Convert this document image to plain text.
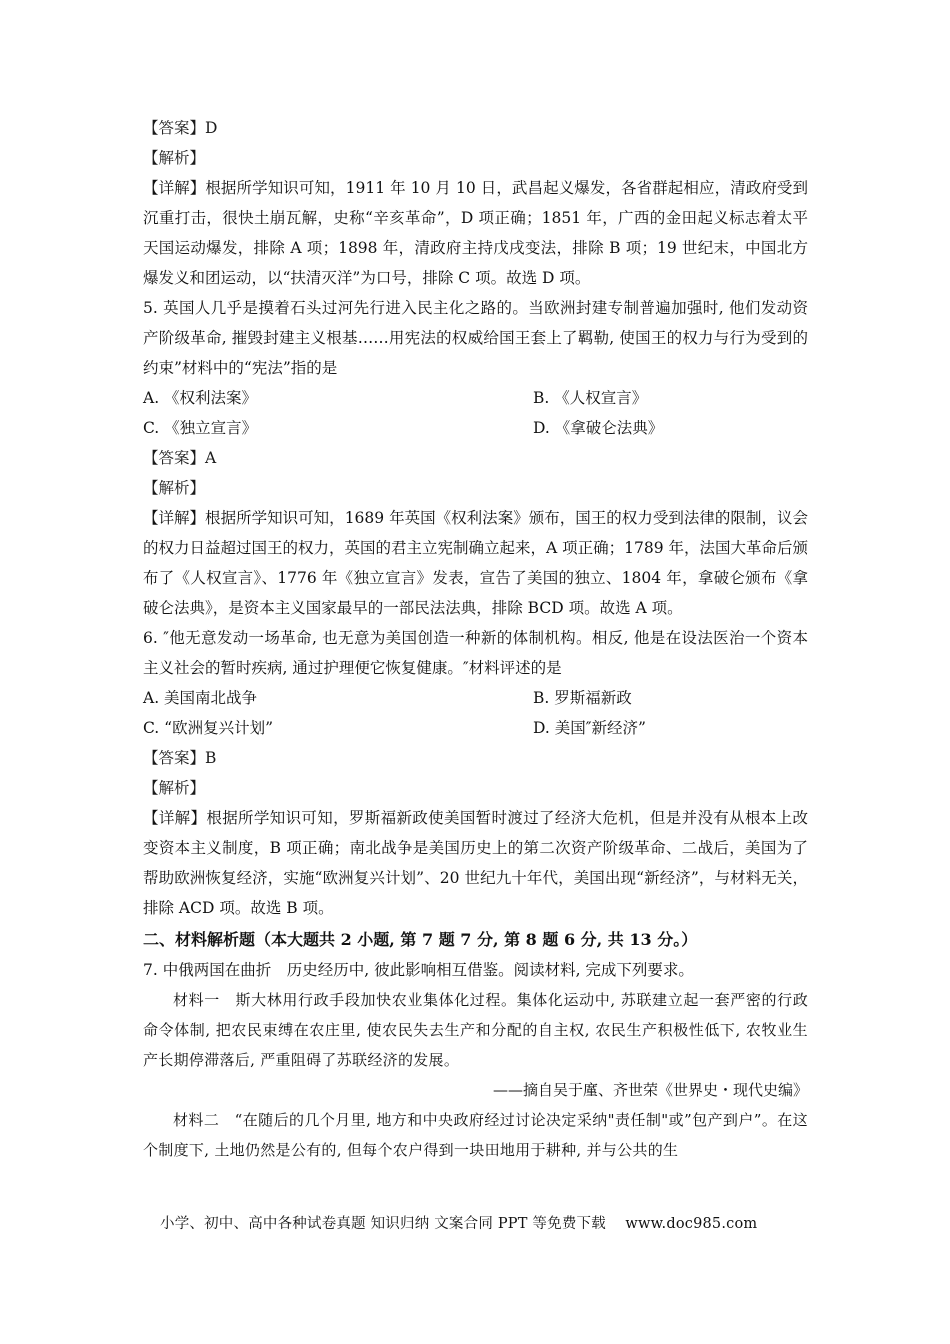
【答案】D
【解析】
【详解】根据所学知识可知，1911 年 10 月 10 日，武昌起义爆发，各省群起相应，清政府受到沉重打击，很快土崩瓦解，史称“辛亥革命”，D 项正确；1851 年，广西的金田起义标志着太平天国运动爆发，排除 A 项；1898 年，清政府主持戊戌变法，排除 B 项；19 世纪末，中国北方爆发义和团运动，以“扶清灭洋”为口号，排除 C 项。故选 D 项。
5. 英国人几乎是摸着石头过河先行进入民主化之路的。当欧洲封建专制普遍加强时, 他们发动资产阶级革命, 摧毁封建主义根基……用宪法的权威给国王套上了羁勒, 使国王的权力与行为受到的约束”材料中的“宪法”指的是
A. 《权利法案》	B. 《人权宣言》
C. 《独立宣言》	D. 《拿破仑法典》
【答案】A
【解析】
【详解】根据所学知识可知，1689 年英国《权利法案》颁布，国王的权力受到法律的限制，议会的权力日益超过国王的权力，英国的君主立宪制确立起来，A 项正确；1789 年，法国大革命后颁布了《人权宣言》、1776 年《独立宣言》发表，宣告了美国的独立、1804 年，拿破仑颁布《拿破仑法典》，是资本主义国家最早的一部民法法典，排除 BCD 项。故选 A 项。
6. ″他无意发动一场革命, 也无意为美国创造一种新的体制机构。相反, 他是在设法医治一个资本主义社会的暂时疾病, 通过护理便它恢复健康。″材料评述的是
A. 美国南北战争	B. 罗斯福新政
C. “欧洲复兴计划”	D. 美国″新经济”
【答案】B
【解析】
【详解】根据所学知识可知，罗斯福新政使美国暂时渡过了经济大危机，但是并没有从根本上改变资本主义制度，B 项正确；南北战争是美国历史上的第二次资产阶级革命、二战后，美国为了帮助欧洲恢复经济，实施“欧洲复兴计划”、20 世纪九十年代，美国出现“新经济”，与材料无关，排除 ACD 项。故选 B 项。
二、材料解析题（本大题共 2 小题, 第 7 题 7 分, 第 8 题 6 分, 共 13 分。）
7. 中俄两国在曲折　历史经历中, 彼此影响相互借鉴。阅读材料, 完成下列要求。
材料一　斯大林用行政手段加快农业集体化过程。集体化运动中, 苏联建立起一套严密的行政命令体制, 把农民束缚在农庄里, 使农民失去生产和分配的自主权, 农民生产积极性低下, 农牧业生产长期停滞落后, 严重阻碍了苏联经济的发展。
——摘自吴于廑、齐世荣《世界史・现代史编》
材料二　“在随后的几个月里, 地方和中央政府经过讨论决定采纳"责任制"或”包产到户”。在这个制度下, 土地仍然是公有的, 但每个农户得到一块田地用于耕种, 并与公共的生
小学、初中、高中各种试卷真题 知识归纳 文案合同 PPT 等免费下载　 www.doc985.com
